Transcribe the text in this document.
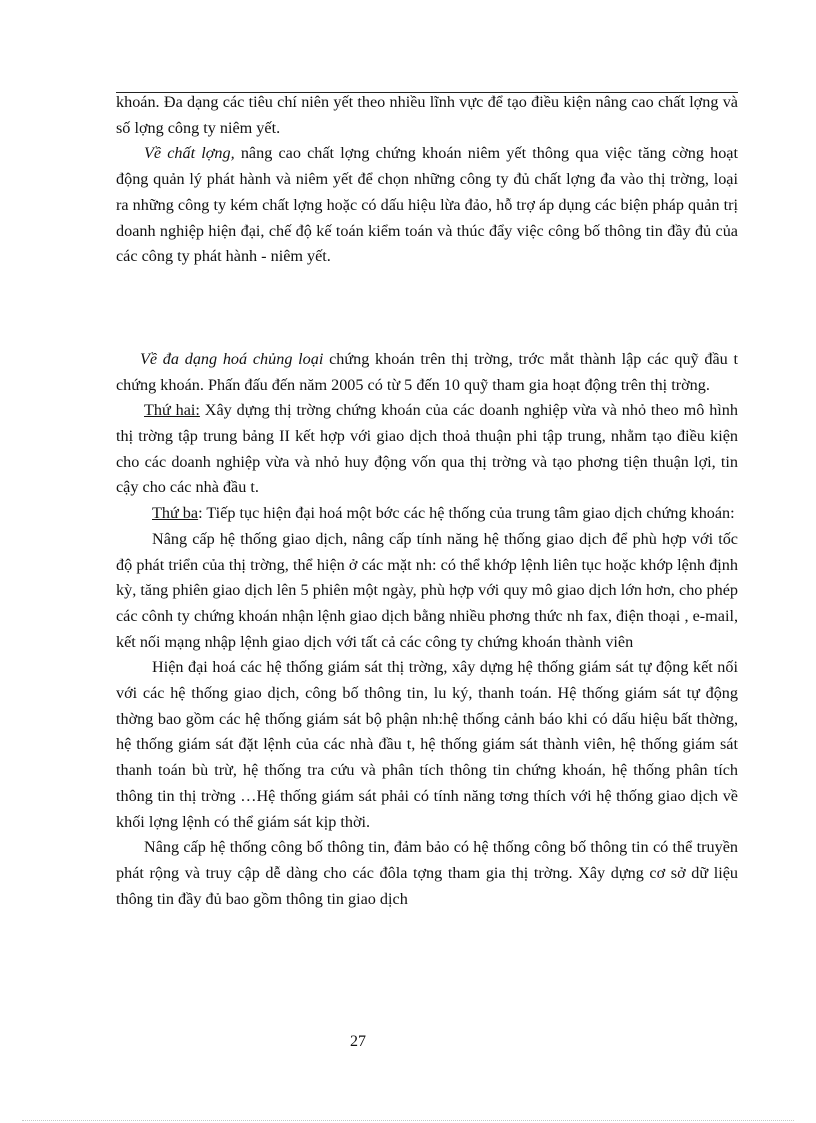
khoán. Đa dạng các tiêu chí niên yết theo nhiều lĩnh vực để tạo điều kiện nâng cao chất lợng và số lợng công ty niêm yết.

Về chất lợng, nâng cao chất lợng chứng khoán niêm yết thông qua việc tăng cờng hoạt động quản lý phát hành và niêm yết để chọn những công ty đủ chất lợng đa vào thị trờng, loại ra những công ty kém chất lợng hoặc có dấu hiệu lừa đảo, hỗ trợ áp dụng các biện pháp quản trị doanh nghiệp hiện đại, chế độ kế toán kiểm toán và thúc đẩy việc công bố thông tin đầy đủ của các công ty phát hành - niêm yết.

Về đa dạng hoá chủng loại chứng khoán trên thị trờng, trớc mắt thành lập các quỹ đầu t chứng khoán. Phấn đấu đến năm 2005 có từ 5 đến 10 quỹ tham gia hoạt động trên thị trờng.

Thứ hai: Xây dựng thị trờng chứng khoán của các doanh nghiệp vừa và nhỏ theo mô hình thị trờng tập trung bảng II kết hợp với giao dịch thoả thuận phi tập trung, nhằm tạo điều kiện cho các doanh nghiệp vừa và nhỏ huy động vốn qua thị trờng và tạo phơng tiện thuận lợi, tin cậy cho các nhà đầu t.

Thứ ba: Tiếp tục hiện đại hoá một bớc các hệ thống của trung tâm giao dịch chứng khoán:

Nâng cấp hệ thống giao dịch, nâng cấp tính năng hệ thống giao dịch để phù hợp với tốc độ phát triển của thị trờng, thể hiện ở các mặt nh: có thể khớp lệnh liên tục hoặc khớp lệnh định kỳ, tăng phiên giao dịch lên 5 phiên một ngày, phù hợp với quy mô giao dịch lớn hơn, cho phép các cônh ty chứng khoán nhận lệnh giao dịch bằng nhiều phơng thức nh fax, điện thoại , e-mail, kết nối mạng nhập lệnh giao dịch với tất cả các công ty chứng khoán thành viên

Hiện đại hoá các hệ thống giám sát thị trờng, xây dựng hệ thống giám sát tự động kết nối với các hệ thống giao dịch, công bố thông tin, lu ký, thanh toán. Hệ thống giám sát tự động thờng bao gồm các hệ thống giám sát bộ phận nh:hệ thống cảnh báo khi có dấu hiệu bất thờng, hệ thống giám sát đặt lệnh của các nhà đầu t, hệ thống giám sát thành viên, hệ thống giám sát thanh toán bù trừ, hệ thống tra cứu và phân tích thông tin chứng khoán, hệ thống phân tích thông tin thị trờng …Hệ thống giám sát phải có tính năng tơng thích với hệ thống giao dịch về khối lợng lệnh có thể giám sát kịp thời.

Nâng cấp hệ thống công bố thông tin, đảm bảo có hệ thống công bố thông tin có thể truyền phát rộng và truy cập dễ dàng cho các đôla tợng tham gia thị trờng. Xây dựng cơ sở dữ liệu thông tin đầy đủ bao gồm thông tin giao dịch

27
